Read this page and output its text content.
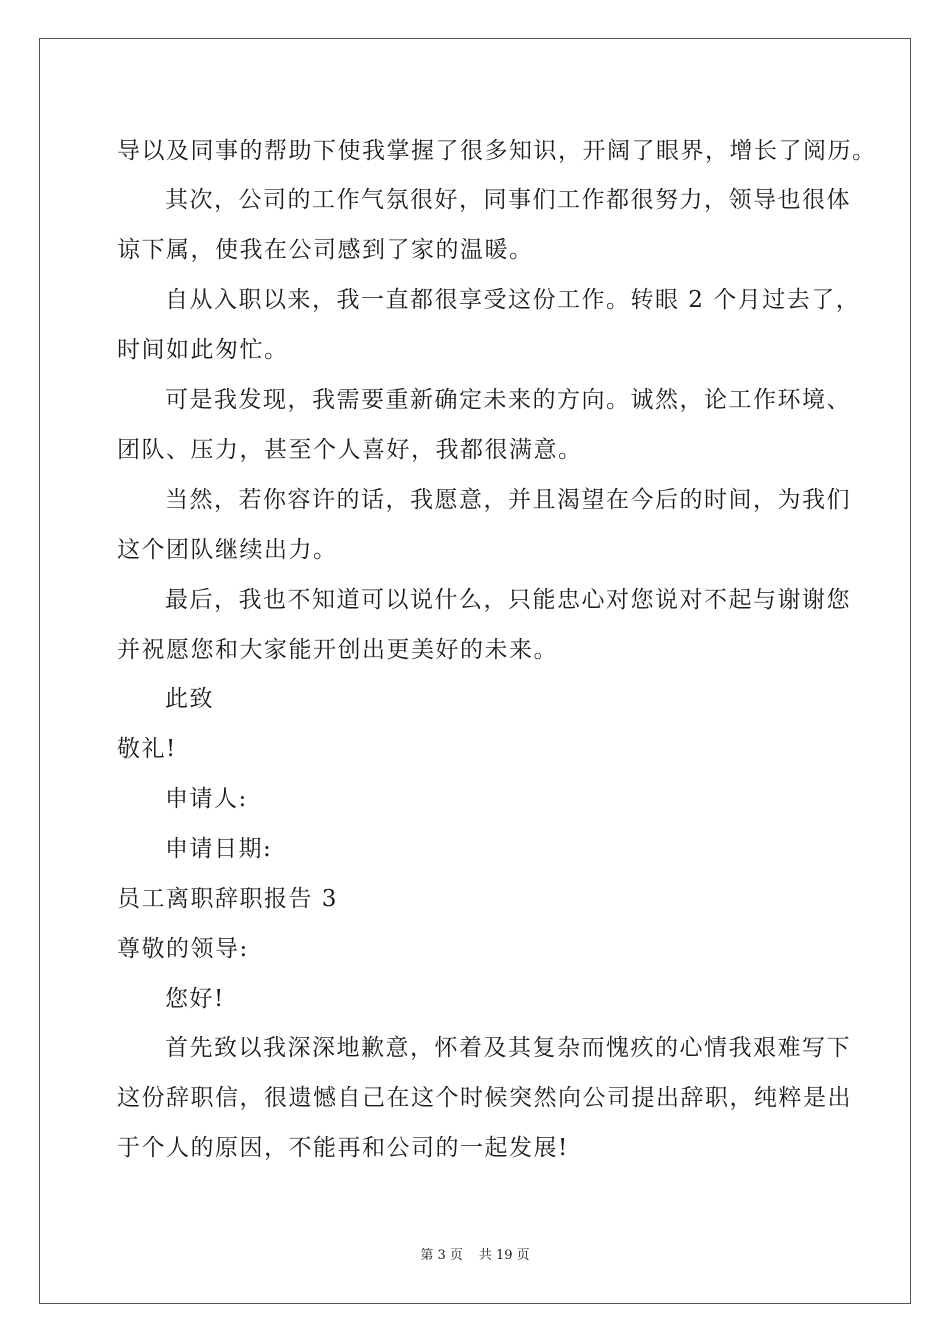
导以及同事的帮助下使我掌握了很多知识，开阔了眼界，增长了阅历。
其次，公司的工作气氛很好，同事们工作都很努力，领导也很体
谅下属，使我在公司感到了家的温暖。
自从入职以来，我一直都很享受这份工作。转眼 2 个月过去了，
时间如此匆忙。
可是我发现，我需要重新确定未来的方向。诚然，论工作环境、
团队、压力，甚至个人喜好，我都很满意。
当然，若你容许的话，我愿意，并且渴望在今后的时间，为我们
这个团队继续出力。
最后，我也不知道可以说什么，只能忠心对您说对不起与谢谢您
并祝愿您和大家能开创出更美好的未来。
此致
敬礼!
申请人:
申请日期:
员工离职辞职报告 3
尊敬的领导:
您好!
首先致以我深深地歉意，怀着及其复杂而愧疚的心情我艰难写下
这份辞职信，很遗憾自己在这个时候突然向公司提出辞职，纯粹是出
于个人的原因，不能再和公司的一起发展!
第 3 页 共 19 页
